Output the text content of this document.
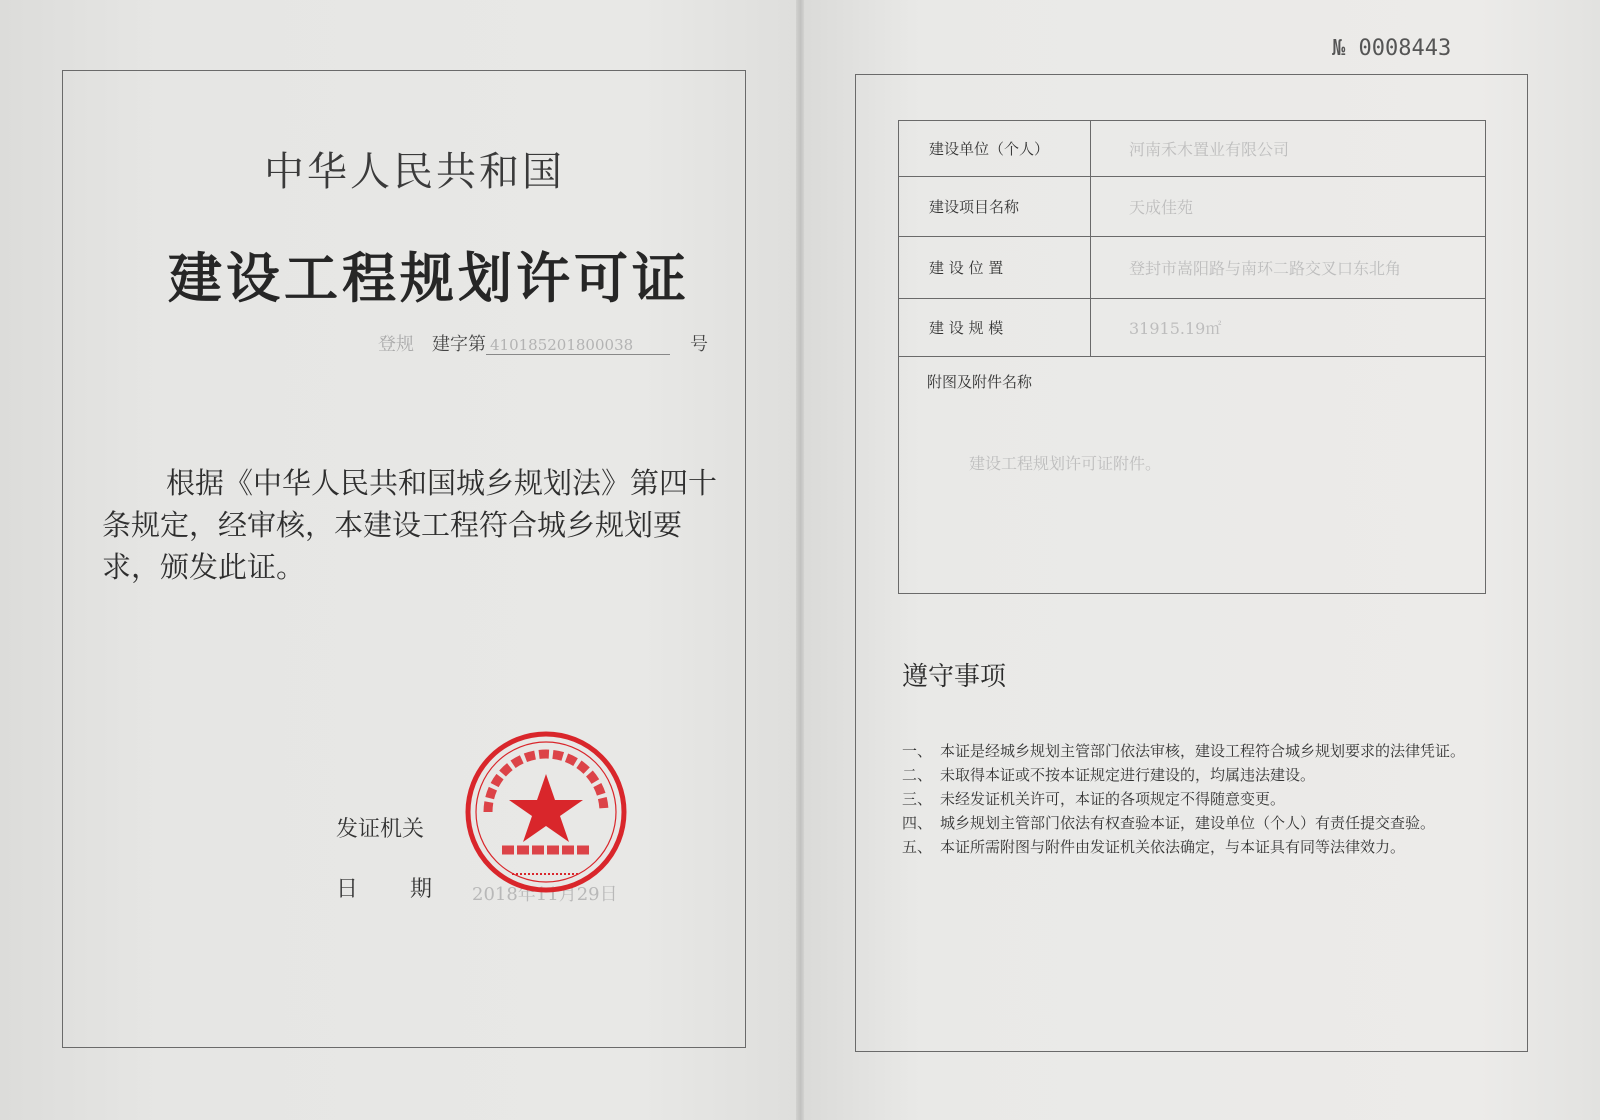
中华人民共和国
建设工程规划许可证
登规 建字第 410185201800038	号
根据《中华人民共和国城乡规划法》第四十条规定，经审核，本建设工程符合城乡规划要求，颁发此证。
发证机关
日期
2018年11月29日
№ 0008443
建设单位（个人）	河南禾木置业有限公司
建设项目名称	天成佳苑
建 设 位 置	登封市嵩阳路与南环二路交叉口东北角
建 设 规 模	31915.19㎡
附图及附件名称
建设工程规划许可证附件。
遵守事项
一、 本证是经城乡规划主管部门依法审核，建设工程符合城乡规划要求的法律凭证。
二、 未取得本证或不按本证规定进行建设的，均属违法建设。
三、 未经发证机关许可，本证的各项规定不得随意变更。
四、 城乡规划主管部门依法有权查验本证，建设单位（个人）有责任提交查验。
五、 本证所需附图与附件由发证机关依法确定，与本证具有同等法律效力。
